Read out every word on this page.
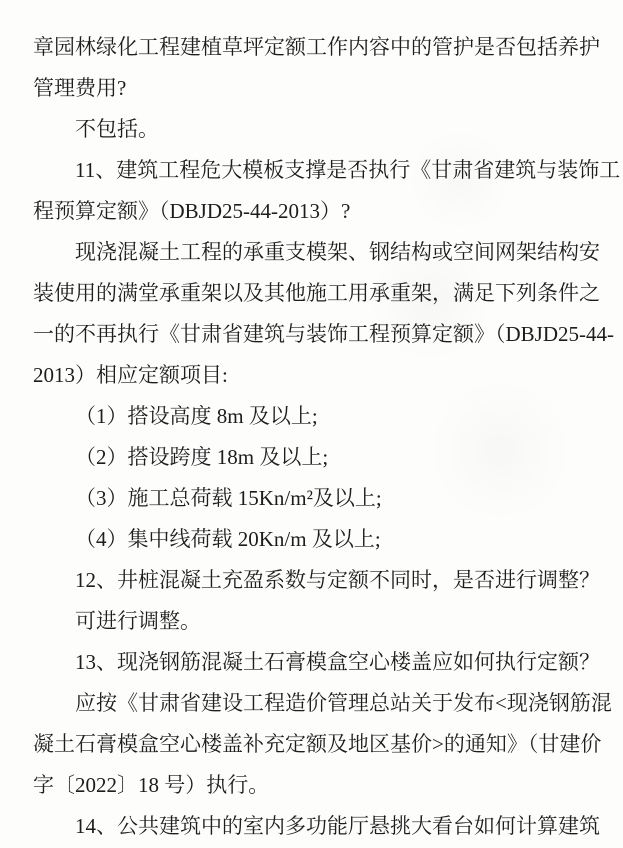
章园林绿化工程建植草坪定额工作内容中的管护是否包括养护
管理费用?
不包括。
11、建筑工程危大模板支撑是否执行《甘肃省建筑与装饰工
程预算定额》（DBJD25-44-2013）?
现浇混凝土工程的承重支模架、钢结构或空间网架结构安
装使用的满堂承重架以及其他施工用承重架，满足下列条件之
一的不再执行《甘肃省建筑与装饰工程预算定额》（DBJD25-44-
2013）相应定额项目:
（1）搭设高度 8m 及以上;
（2）搭设跨度 18m 及以上;
（3）施工总荷载 15Kn/m²及以上;
（4）集中线荷载 20Kn/m 及以上;
12、井桩混凝土充盈系数与定额不同时，是否进行调整？
可进行调整。
13、现浇钢筋混凝土石膏模盒空心楼盖应如何执行定额？
应按《甘肃省建设工程造价管理总站关于发布<现浇钢筋混
凝土石膏模盒空心楼盖补充定额及地区基价>的通知》（甘建价
字〔2022〕18 号）执行。
14、公共建筑中的室内多功能厅悬挑大看台如何计算建筑
